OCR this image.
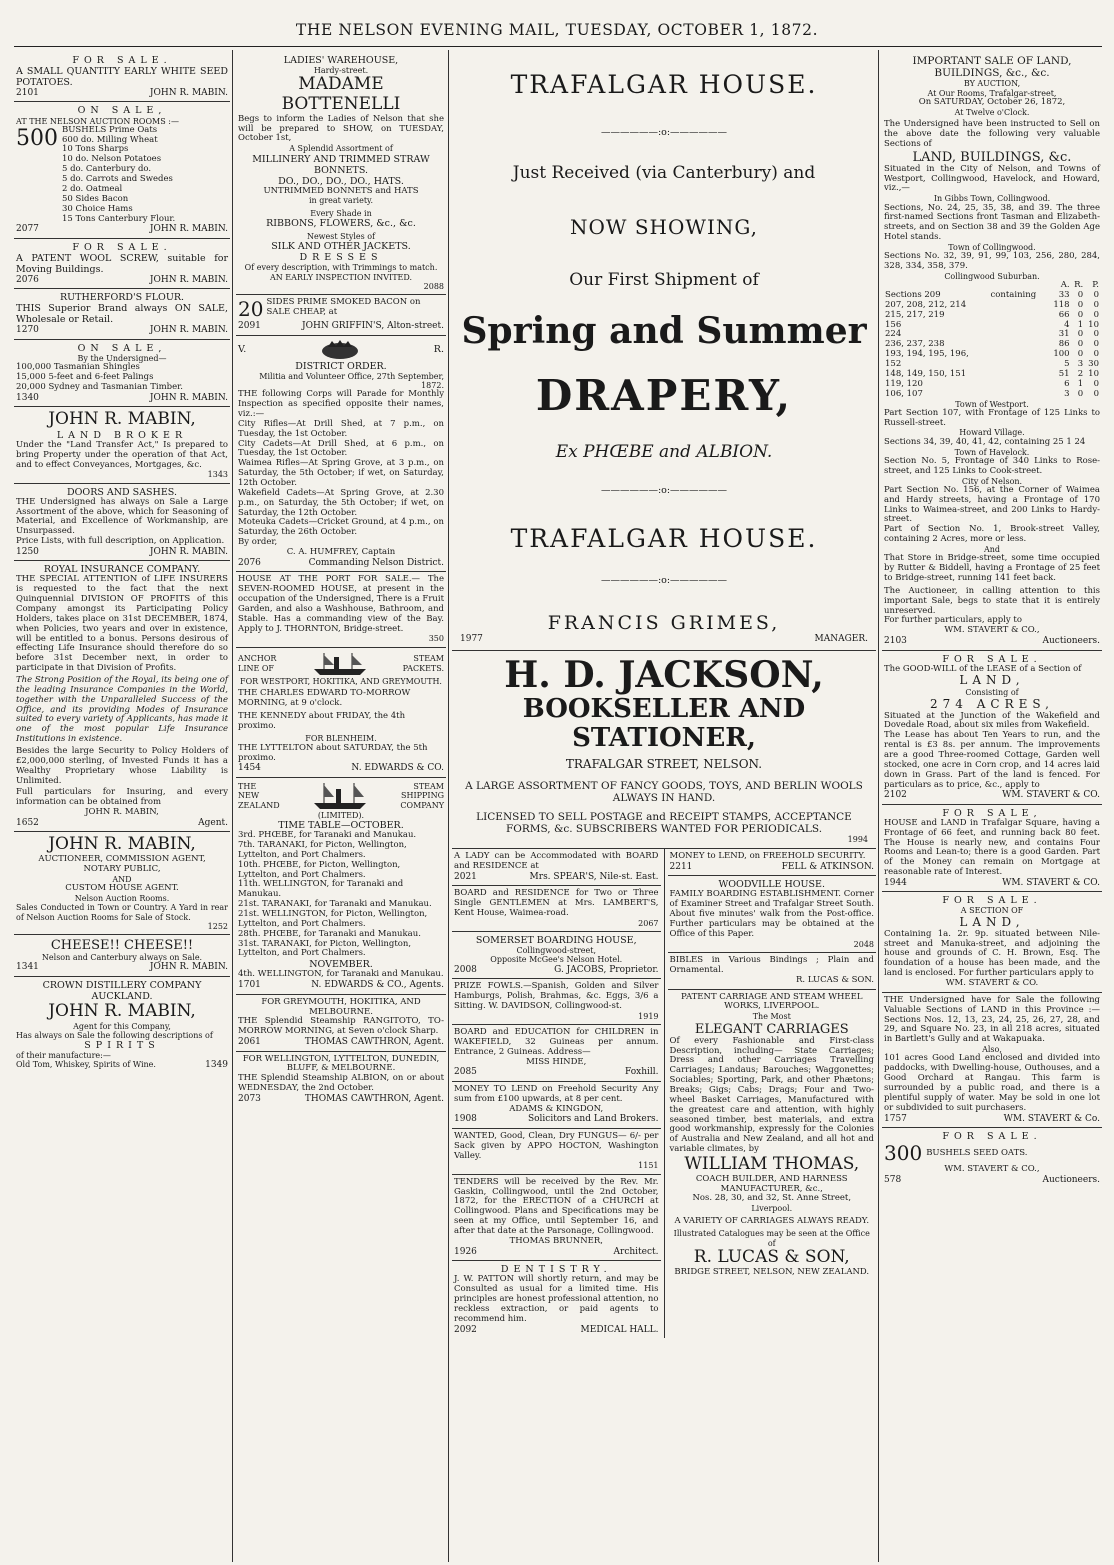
THE NELSON EVENING MAIL, TUESDAY, OCTOBER 1, 1872.
FOR SALE.
A SMALL QUANTITY EARLY WHITE SEED POTATOES.
2101	JOHN R. MABIN.
ON SALE,
AT THE NELSON AUCTION ROOMS :—
500 BUSHELS Prime Oats
600 do. Milling Wheat
10 Tons Sharps
10 do. Nelson Potatoes
5 do. Canterbury do.
5 do. Carrots and Swedes
2 do. Oatmeal
50 Sides Bacon
30 Choice Hams
15 Tons Canterbury Flour.
2077	JOHN R. MABIN.
FOR SALE.
A PATENT WOOL SCREW, suitable for Moving Buildings.
2076	JOHN R. MABIN.
RUTHERFORD'S FLOUR.
THIS Superior Brand always ON SALE, Wholesale or Retail.
1270	JOHN R. MABIN.
ON SALE,
By the Undersigned—
100,000 Tasmanian Shingles
15,000 5-feet and 6-feet Palings
20,000 Sydney and Tasmanian Timber.
1340	JOHN R. MABIN.
JOHN R. MABIN,
LAND BROKER
Under the "Land Transfer Act," Is prepared to bring Property under the operation of that Act, and to effect Conveyances, Mortgages, &c.
1343
DOORS AND SASHES.
THE Undersigned has always on Sale a Large Assortment of the above, which for Seasoning of Material, and Excellence of Workmanship, are Unsurpassed.
Price Lists, with full description, on Application.
1250	JOHN R. MABIN.
ROYAL INSURANCE COMPANY.
THE SPECIAL ATTENTION of LIFE INSURERS is requested to the fact that the next Quinquennial DIVISION OF PROFITS of this Company amongst its Participating Policy Holders, takes place on 31st DECEMBER, 1874, when Policies, two years and over in existence, will be entitled to a bonus. Persons desirous of effecting Life Insurance should therefore do so before 31st December next, in order to participate in that Division of Profits.
The Strong Position of the Royal, its being one of the leading Insurance Companies in the World, together with the Unparalleled Success of the Office, and its providing Modes of Insurance suited to every variety of Applicants, has made it one of the most popular Life Insurance Institutions in existence.
Besides the large Security to Policy Holders of £2,000,000 sterling, of Invested Funds it has a Wealthy Proprietary whose Liability is Unlimited.
Full particulars for Insuring, and every information can be obtained from
JOHN R. MABIN,
1652	Agent.
JOHN R. MABIN,
AUCTIONEER, COMMISSION AGENT,
NOTARY PUBLIC,
AND
CUSTOM HOUSE AGENT.
Nelson Auction Rooms.
Sales Conducted in Town or Country. A Yard in rear of Nelson Auction Rooms for Sale of Stock.
1252
CHEESE!! CHEESE!!
Nelson and Canterbury always on Sale.
1341	JOHN R. MABIN.
CROWN DISTILLERY COMPANY
AUCKLAND.
JOHN R. MABIN,
Agent for this Company,
Has always on Sale the following descriptions of
SPIRITS
of their manufacture:—
Old Tom, Whiskey, Spirits of Wine.	1349
LADIES' WAREHOUSE,
Hardy-street.
MADAME BOTTENELLI
Begs to inform the Ladies of Nelson that she will be prepared to SHOW, on TUESDAY, October 1st,
A Splendid Assortment of
MILLINERY AND TRIMMED STRAW BONNETS.
DO., DO., DO., DO., HATS.
UNTRIMMED BONNETS and HATS
in great variety.
Every Shade in
RIBBONS, FLOWERS, &c., &c.
Newest Styles of
SILK AND OTHER JACKETS.
DRESSES
Of every description, with Trimmings to match.
AN EARLY INSPECTION INVITED.
2088
20 SIDES PRIME SMOKED BACON on SALE CHEAP, at
2091	JOHN GRIFFIN'S, Alton-street.
V.	R.
DISTRICT ORDER.
Militia and Volunteer Office, 27th September, 1872.
THE following Corps will Parade for Monthly Inspection as specified opposite their names, viz.:—
City Rifles—At Drill Shed, at 7 p.m., on Tuesday, the 1st October.
City Cadets—At Drill Shed, at 6 p.m., on Tuesday, the 1st October.
Waimea Rifles—At Spring Grove, at 3 p.m., on Saturday, the 5th October; if wet, on Saturday, 12th October.
Wakefield Cadets—At Spring Grove, at 2.30 p.m., on Saturday, the 5th October; if wet, on Saturday, the 12th October.
Moteuka Cadets—Cricket Ground, at 4 p.m., on Saturday, the 26th October.
By order,
C. A. HUMFREY, Captain
2076	Commanding Nelson District.
HOUSE AT THE PORT FOR SALE.— The SEVEN-ROOMED HOUSE, at present in the occupation of the Undersigned, There is a Fruit Garden, and also a Washhouse, Bathroom, and Stable. Has a commanding view of the Bay. Apply to J. THORNTON, Bridge-street.
350
ANCHOR
LINE OF
STEAM
PACKETS.
FOR WESTPORT, HOKITIKA, AND GREYMOUTH.
THE CHARLES EDWARD TO-MORROW MORNING, at 9 o'clock.
THE KENNEDY about FRIDAY, the 4th proximo.
FOR BLENHEIM.
THE LYTTELTON about SATURDAY, the 5th proximo.
1454	N. EDWARDS & CO.
THE
NEW
ZEALAND
STEAM
SHIPPING
COMPANY
(LIMITED).
TIME TABLE—OCTOBER.
3rd. PHŒBE, for Taranaki and Manukau.
7th. TARANAKI, for Picton, Wellington, Lyttelton, and Port Chalmers.
10th. PHŒBE, for Picton, Wellington, Lyttelton, and Port Chalmers.
11th. WELLINGTON, for Taranaki and Manukau.
21st. TARANAKI, for Taranaki and Manukau.
21st. WELLINGTON, for Picton, Wellington, Lyttelton, and Port Chalmers.
28th. PHŒBE, for Taranaki and Manukau.
31st. TARANAKI, for Picton, Wellington, Lyttelton, and Port Chalmers.
NOVEMBER.
4th. WELLINGTON, for Taranaki and Manukau.
1701	N. EDWARDS & CO., Agents.
FOR GREYMOUTH, HOKITIKA, AND MELBOURNE.
THE Splendid Steamship RANGITOTO, TO-MORROW MORNING, at Seven o'clock Sharp.
2061	THOMAS CAWTHRON, Agent.
FOR WELLINGTON, LYTTELTON, DUNEDIN, BLUFF, & MELBOURNE.
THE Splendid Steamship ALBION, on or about WEDNESDAY, the 2nd October.
2073	THOMAS CAWTHRON, Agent.
TRAFALGAR HOUSE.
——————:o:——————
Just Received (via Canterbury) and
NOW SHOWING,
Our First Shipment of
Spring and Summer
DRAPERY,
Ex PHŒBE and ALBION.
——————:o:——————
TRAFALGAR HOUSE.
——————:o:——————
FRANCIS GRIMES,
1977	MANAGER.
H. D. JACKSON,
BOOKSELLER AND STATIONER,
TRAFALGAR STREET, NELSON.
A LARGE ASSORTMENT OF FANCY GOODS, TOYS, AND BERLIN WOOLS ALWAYS IN HAND.
LICENSED TO SELL POSTAGE and RECEIPT STAMPS, ACCEPTANCE FORMS, &c. SUBSCRIBERS WANTED FOR PERIODICALS.
1994
A LADY can be Accommodated with BOARD and RESIDENCE at
2021	Mrs. SPEAR'S, Nile-st. East.
BOARD and RESIDENCE for Two or Three Single GENTLEMEN at Mrs. LAMBERT'S, Kent House, Waimea-road.
2067
SOMERSET BOARDING HOUSE,
Collingwood-street,
Opposite McGee's Nelson Hotel.
2008	G. JACOBS, Proprietor.
PRIZE FOWLS.—Spanish, Golden and Silver Hamburgs, Polish, Brahmas, &c. Eggs, 3/6 a Sitting. W. DAVIDSON, Collingwood-st.
1919
BOARD and EDUCATION for CHILDREN in WAKEFIELD, 32 Guineas per annum. Entrance, 2 Guineas. Address—
MISS HINDE,
2085	Foxhill.
MONEY TO LEND on Freehold Security Any sum from £100 upwards, at 8 per cent.
ADAMS & KINGDON,
1908	Solicitors and Land Brokers.
WANTED, Good, Clean, Dry FUNGUS— 6/- per Sack given by APPO HOCTON, Washington Valley.
1151
TENDERS will be received by the Rev. Mr. Gaskin, Collingwood, until the 2nd October, 1872, for the ERECTION of a CHURCH at Collingwood. Plans and Specifications may be seen at my Office, until September 16, and after that date at the Parsonage, Collingwood.
THOMAS BRUNNER,
1926	Architect.
DENTISTRY.
J. W. PATTON will shortly return, and may be Consulted as usual for a limited time. His principles are honest professional attention, no reckless extraction, or paid agents to recommend him.
2092	MEDICAL HALL.
MONEY to LEND, on FREEHOLD SECURITY.
2211	FELL & ATKINSON.
WOODVILLE HOUSE.
FAMILY BOARDING ESTABLISHMENT. Corner of Examiner Street and Trafalgar Street South. About five minutes' walk from the Post-office. Further particulars may be obtained at the Office of this Paper.
2048
BIBLES in Various Bindings ; Plain and Ornamental.
R. LUCAS & SON.
PATENT CARRIAGE AND STEAM WHEEL WORKS, LIVERPOOL.
The Most
ELEGANT CARRIAGES
Of every Fashionable and First-class Description, including— State Carriages; Dress and other Carriages Travelling Carriages; Landaus; Barouches; Waggonettes; Sociables; Sporting, Park, and other Phætons; Breaks; Gigs; Cabs; Drags; Four and Two-wheel Basket Carriages, Manufactured with the greatest care and attention, with highly seasoned timber, best materials, and extra good workmanship, expressly for the Colonies of Australia and New Zealand, and all hot and variable climates, by
WILLIAM THOMAS,
COACH BUILDER, AND HARNESS MANUFACTURER, &c.,
Nos. 28, 30, and 32, St. Anne Street,
Liverpool.
A VARIETY OF CARRIAGES ALWAYS READY.
Illustrated Catalogues may be seen at the Office of
R. LUCAS & SON,
BRIDGE STREET, NELSON, NEW ZEALAND.
IMPORTANT SALE OF LAND, BUILDINGS, &c., &c.
BY AUCTION,
At Our Rooms, Trafalgar-street,
On SATURDAY, October 26, 1872,
At Twelve o'Clock.
The Undersigned have been instructed to Sell on the above date the following very valuable Sections of
LAND, BUILDINGS, &c.
Situated in the City of Nelson, and Towns of Westport, Collingwood, Havelock, and Howard, viz.,—
In Gibbs Town, Collingwood.
Sections, No. 24, 25, 35, 38, and 39. The three first-named Sections front Tasman and Elizabeth-streets, and on Section 38 and 39 the Golden Age Hotel stands.
Town of Collingwood.
Sections No. 32, 39, 91, 99, 103, 256, 280, 284, 328, 334, 358, 379.
Collingwood Suburban.
		A.	R.	P.
Sections 209	containing	33	0	0
207, 208, 212, 214		118	0	0
215, 217, 219		66	0	0
156		4	1	10
224		31	0	0
236, 237, 238		86	0	0
193, 194, 195, 196,		100	0	0
152		5	3	30
148, 149, 150, 151		51	2	10
119, 120		6	1	0
106, 107		3	0	0
Town of Westport.
Part Section 107, with Frontage of 125 Links to Russell-street.
Howard Village.
Sections 34, 39, 40, 41, 42, containing 25 1 24
Town of Havelock.
Section No. 5, Frontage of 340 Links to Rose-street, and 125 Links to Cook-street.
City of Nelson.
Part Section No. 156, at the Corner of Waimea and Hardy streets, having a Frontage of 170 Links to Waimea-street, and 200 Links to Hardy-street.
Part of Section No. 1, Brook-street Valley, containing 2 Acres, more or less.
And
That Store in Bridge-street, some time occupied by Rutter & Biddell, having a Frontage of 25 feet to Bridge-street, running 141 feet back.
The Auctioneer, in calling attention to this important Sale, begs to state that it is entirely unreserved.
For further particulars, apply to
WM. STAVERT & CO.,
2103	Auctioneers.
FOR SALE.
The GOOD-WILL of the LEASE of a Section of
LAND,
Consisting of
274 ACRES,
Situated at the Junction of the Wakefield and Dovedale Road, about six miles from Wakefield.
The Lease has about Ten Years to run, and the rental is £3 8s. per annum. The improvements are a good Three-roomed Cottage, Garden well stocked, one acre in Corn crop, and 14 acres laid down in Grass. Part of the land is fenced. For particulars as to price, &c., apply to
2102	WM. STAVERT & CO.
FOR SALE,
HOUSE and LAND in Trafalgar Square, having a Frontage of 66 feet, and running back 80 feet. The House is nearly new, and contains Four Rooms and Lean-to; there is a good Garden. Part of the Money can remain on Mortgage at reasonable rate of Interest.
1944	WM. STAVERT & CO.
FOR SALE.
A SECTION OF
LAND,
Containing 1a. 2r. 9p. situated between Nile-street and Manuka-street, and adjoining the house and grounds of C. H. Brown, Esq. The foundation of a house has been made, and the land is enclosed. For further particulars apply to
WM. STAVERT & CO.
THE Undersigned have for Sale the following Valuable Sections of LAND in this Province :— Sections Nos. 12, 13, 23, 24, 25, 26, 27, 28, and 29, and Square No. 23, in all 218 acres, situated in Bartlett's Gully and at Wakapuaka.
Also,
101 acres Good Land enclosed and divided into paddocks, with Dwelling-house, Outhouses, and a Good Orchard at Rangau. This farm is surrounded by a public road, and there is a plentiful supply of water. May be sold in one lot or subdivided to suit purchasers.
1757	WM. STAVERT & Co.
FOR SALE.
300 BUSHELS SEED OATS.
WM. STAVERT & CO.,
578	Auctioneers.
